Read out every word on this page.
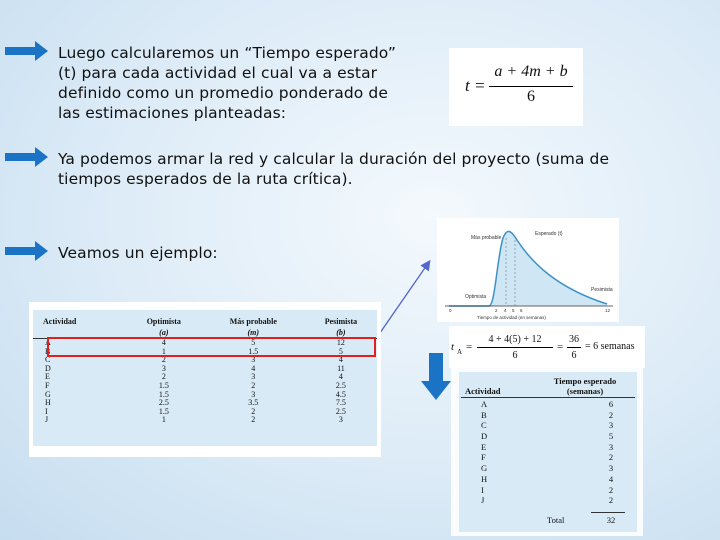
Luego calcularemos un “Tiempo esperado”
(t) para cada actividad el cual va a estar
definido como un promedio ponderado de
las estimaciones planteadas:
Ya podemos armar la red y calcular la duración del proyecto (suma de
tiempos esperados de la ruta crítica).
Veamos un ejemplo:
t =
a + 4m + b
6
Más probable
Esperado (t)
Optimista
Pesimista
0	2 4 5 6	12
Tiempo de actividad (en semanas)
Actividad	Optimista	Más probable	Pesimista
	(a)	(m)	(b)
A	4	5	12
B	1	1.5	5
C	2	3	4
D	3	4	11
E	2	3	4
F	1.5	2	2.5
G	1.5	3	4.5
H	2.5	3.5	7.5
I	1.5	2	2.5
J	1	2	3
t A =
4 + 4(5) + 12
6
=
36
6
= 6 semanas
Actividad
Tiempo esperado
(semanas)
A	6
B	2
C	3
D	5
E	3
F	2
G	3
H	4
I	2
J	2
Total	32
